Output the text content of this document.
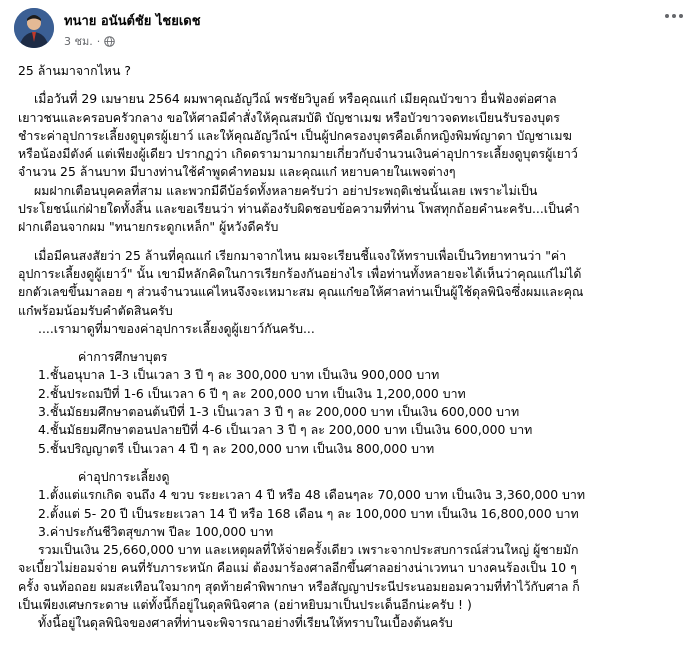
ทนาย อนันต์ชัย ไชยเดช
3 ชม. ·
25 ล้านมาจากไหน ?
เมื่อวันที่ 29 เมษายน 2564 ผมพาคุณอัญวีณ์ พรชัยวิบูลย์ หรือคุณแก๋ เมียคุณบัวขาว ยื่นฟ้องต่อศาล
เยาวชนและครอบครัวกลาง ขอให้ศาลมีคำสั่งให้คุณสมบัติ บัญชาเมฆ หรือบัวขาวจดทะเบียนรับรองบุตร
ชำระค่าอุปการะเลี้ยงดูบุตรผู้เยาว์ และให้คุณอัญวีณ์ฯ เป็นผู้ปกครองบุตรคือเด็กหญิงพิมพ์ญาดา บัญชาเมฆ
หรือน้องมีตังค์ แต่เพียงผู้เดียว ปรากฏว่า เกิดดรามามากมายเกี่ยวกับจำนวนเงินค่าอุปการะเลี้ยงดูบุตรผู้เยาว์
จำนวน 25 ล้านบาท มีบางท่านใช้คำพูดคำทอมม และคุณแก๋ หยาบคายในเพจต่างๆ
ผมฝากเตือนบุคคลที่สาม และพวกมีดีบ้อร์ดทั้งหลายครับว่า อย่าประพฤติเช่นนั้นเลย เพราะไม่เป็น
ประโยชน์แก่ฝ่ายใดทั้งสิ้น และขอเรียนว่า ท่านต้องรับผิดชอบข้อความที่ท่าน โพสทุกถ้อยคำนะครับ...เป็นคำ
ฝากเตือนจากผม "ทนายกระดูกเหล็ก" ผู้หวังดีครับ
เมื่อมีคนสงสัยว่า 25 ล้านที่คุณแก๋ เรียกมาจากไหน ผมจะเรียนชี้แจงให้ทราบเพื่อเป็นวิทยาทานว่า "ค่า
อุปการะเลี้ยงดูผู้เยาว์" นั้น เขามีหลักคิดในการเรียกร้องกันอย่างไร เพื่อท่านทั้งหลายจะได้เห็นว่าคุณแก๋ไม่ได้
ยกตัวเลขขึ้นมาลอย ๆ ส่วนจำนวนแค่ไหนจึงจะเหมาะสม คุณแก๋ขอให้ศาลท่านเป็นผู้ใช้ดุลพินิจซึ่งผมและคุณ
แก๋พร้อมน้อมรับคำตัดสินครับ
....เรามาดูที่มาของค่าอุปการะเลี้ยงดูผู้เยาว์กันครับ...
ค่าการศึกษาบุตร
1.ชั้นอนุบาล 1-3 เป็นเวลา 3 ปี ๆ ละ 300,000 บาท เป็นเงิน 900,000 บาท
2.ชั้นประถมปีที่ 1-6 เป็นเวลา 6 ปี ๆ ละ 200,000 บาท เป็นเงิน 1,200,000 บาท
3.ชั้นมัธยมศึกษาตอนต้นปีที่ 1-3 เป็นเวลา 3 ปี ๆ ละ 200,000 บาท เป็นเงิน 600,000 บาท
4.ชั้นมัธยมศึกษาตอนปลายปีที่ 4-6 เป็นเวลา 3 ปี ๆ ละ 200,000 บาท เป็นเงิน 600,000 บาท
5.ชั้นปริญญาตรี เป็นเวลา 4 ปี ๆ ละ 200,000 บาท เป็นเงิน 800,000 บาท
ค่าอุปการะเลี้ยงดู
1.ตั้งแต่แรกเกิด จนถึง 4 ขวบ ระยะเวลา 4 ปี หรือ 48 เดือนๆละ 70,000 บาท เป็นเงิน 3,360,000 บาท
2.ตั้งแต่ 5- 20 ปี เป็นระยะเวลา 14 ปี หรือ 168 เดือน ๆ ละ 100,000 บาท เป็นเงิน 16,800,000 บาท
3.ค่าประกันชีวิตสุขภาพ ปีละ 100,000 บาท
รวมเป็นเงิน 25,660,000 บาท และเหตุผลที่ให้จ่ายครั้งเดียว เพราะจากประสบการณ์ส่วนใหญ่ ผู้ชายมัก
จะเบี้ยวไม่ยอมจ่าย คนที่รับภาระหนัก คือแม่ ต้องมาร้องศาลอีกขึ้นศาลอย่างน่าเวทนา บางคนร้องเป็น 10 ๆ
ครั้ง จนท้อถอย ผมสะเทือนใจมากๆ สุดท้ายคำพิพากษา หรือสัญญาประนีประนอมยอมความที่ทำไว้กับศาล ก็
เป็นเพียงเศษกระดาษ แต่ทั้งนี้ก็อยู่ในดุลพินิจศาล (อย่าหยิบมาเป็นประเด็นอีกน่ะครับ ! )
ทั้งนี้อยู่ในดุลพินิจของศาลที่ท่านจะพิจารณาอย่างที่เรียนให้ทราบในเบื้องต้นครับ
